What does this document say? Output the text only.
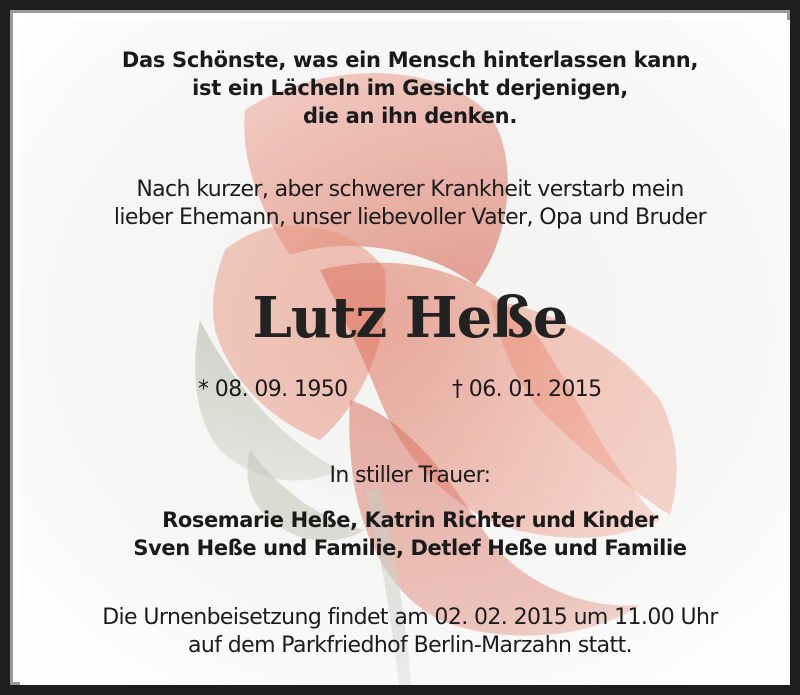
Das Schönste, was ein Mensch hinterlassen kann,
ist ein Lächeln im Gesicht derjenigen,
die an ihn denken.
Nach kurzer, aber schwerer Krankheit verstarb mein
lieber Ehemann, unser liebevoller Vater, Opa und Bruder
Lutz Heße
* 08. 09. 1950	† 06. 01. 2015
In stiller Trauer:
Rosemarie Heße, Katrin Richter und Kinder
Sven Heße und Familie, Detlef Heße und Familie
Die Urnenbeisetzung findet am 02. 02. 2015 um 11.00 Uhr
auf dem Parkfriedhof Berlin-Marzahn statt.
